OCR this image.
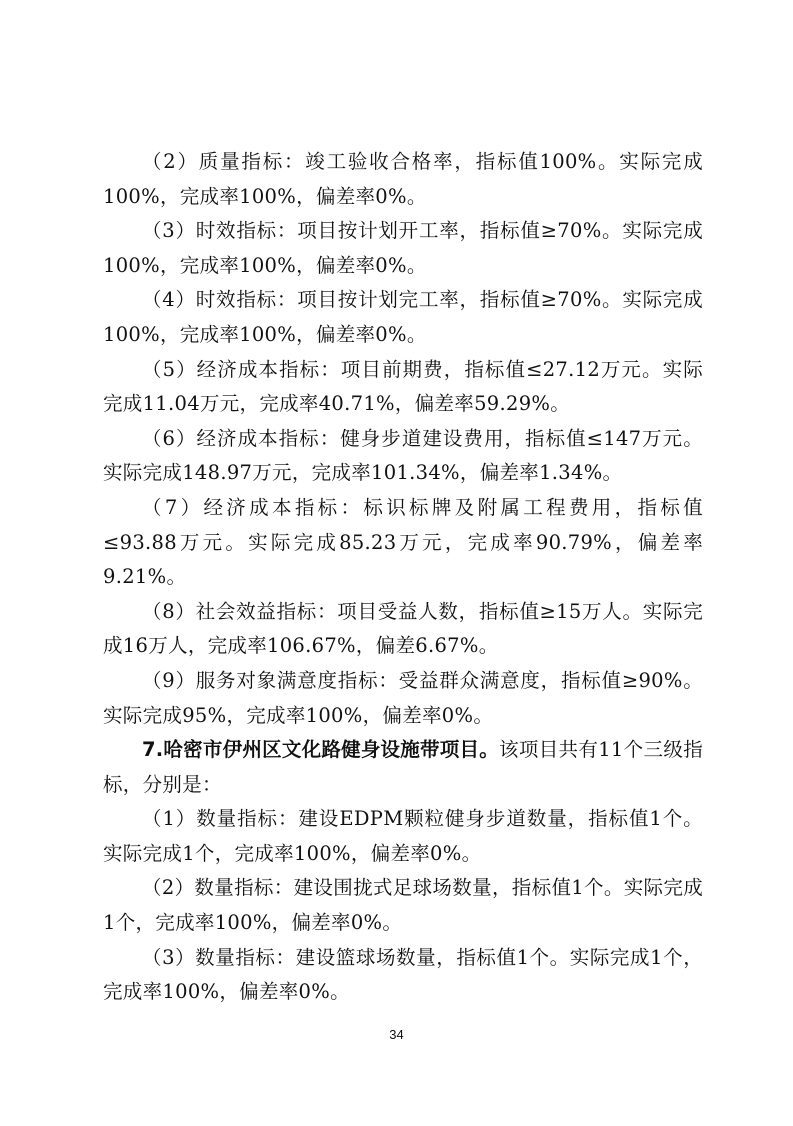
（2）质量指标：竣工验收合格率，指标值100%。实际完成100%，完成率100%，偏差率0%。

（3）时效指标：项目按计划开工率，指标值≥70%。实际完成100%，完成率100%，偏差率0%。

（4）时效指标：项目按计划完工率，指标值≥70%。实际完成100%，完成率100%，偏差率0%。

（5）经济成本指标：项目前期费，指标值≤27.12万元。实际完成11.04万元，完成率40.71%，偏差率59.29%。

（6）经济成本指标：健身步道建设费用，指标值≤147万元。实际完成148.97万元，完成率101.34%，偏差率1.34%。

（7）经济成本指标：标识标牌及附属工程费用，指标值≤93.88万元。实际完成85.23万元，完成率90.79%，偏差率9.21%。

（8）社会效益指标：项目受益人数，指标值≥15万人。实际完成16万人，完成率106.67%，偏差6.67%。

（9）服务对象满意度指标：受益群众满意度，指标值≥90%。实际完成95%，完成率100%，偏差率0%。

7.哈密市伊州区文化路健身设施带项目。该项目共有11个三级指标，分别是：

（1）数量指标：建设EDPM颗粒健身步道数量，指标值1个。实际完成1个，完成率100%，偏差率0%。

（2）数量指标：建设围拢式足球场数量，指标值1个。实际完成1个，完成率100%，偏差率0%。

（3）数量指标：建设篮球场数量，指标值1个。实际完成1个，完成率100%，偏差率0%。

34
